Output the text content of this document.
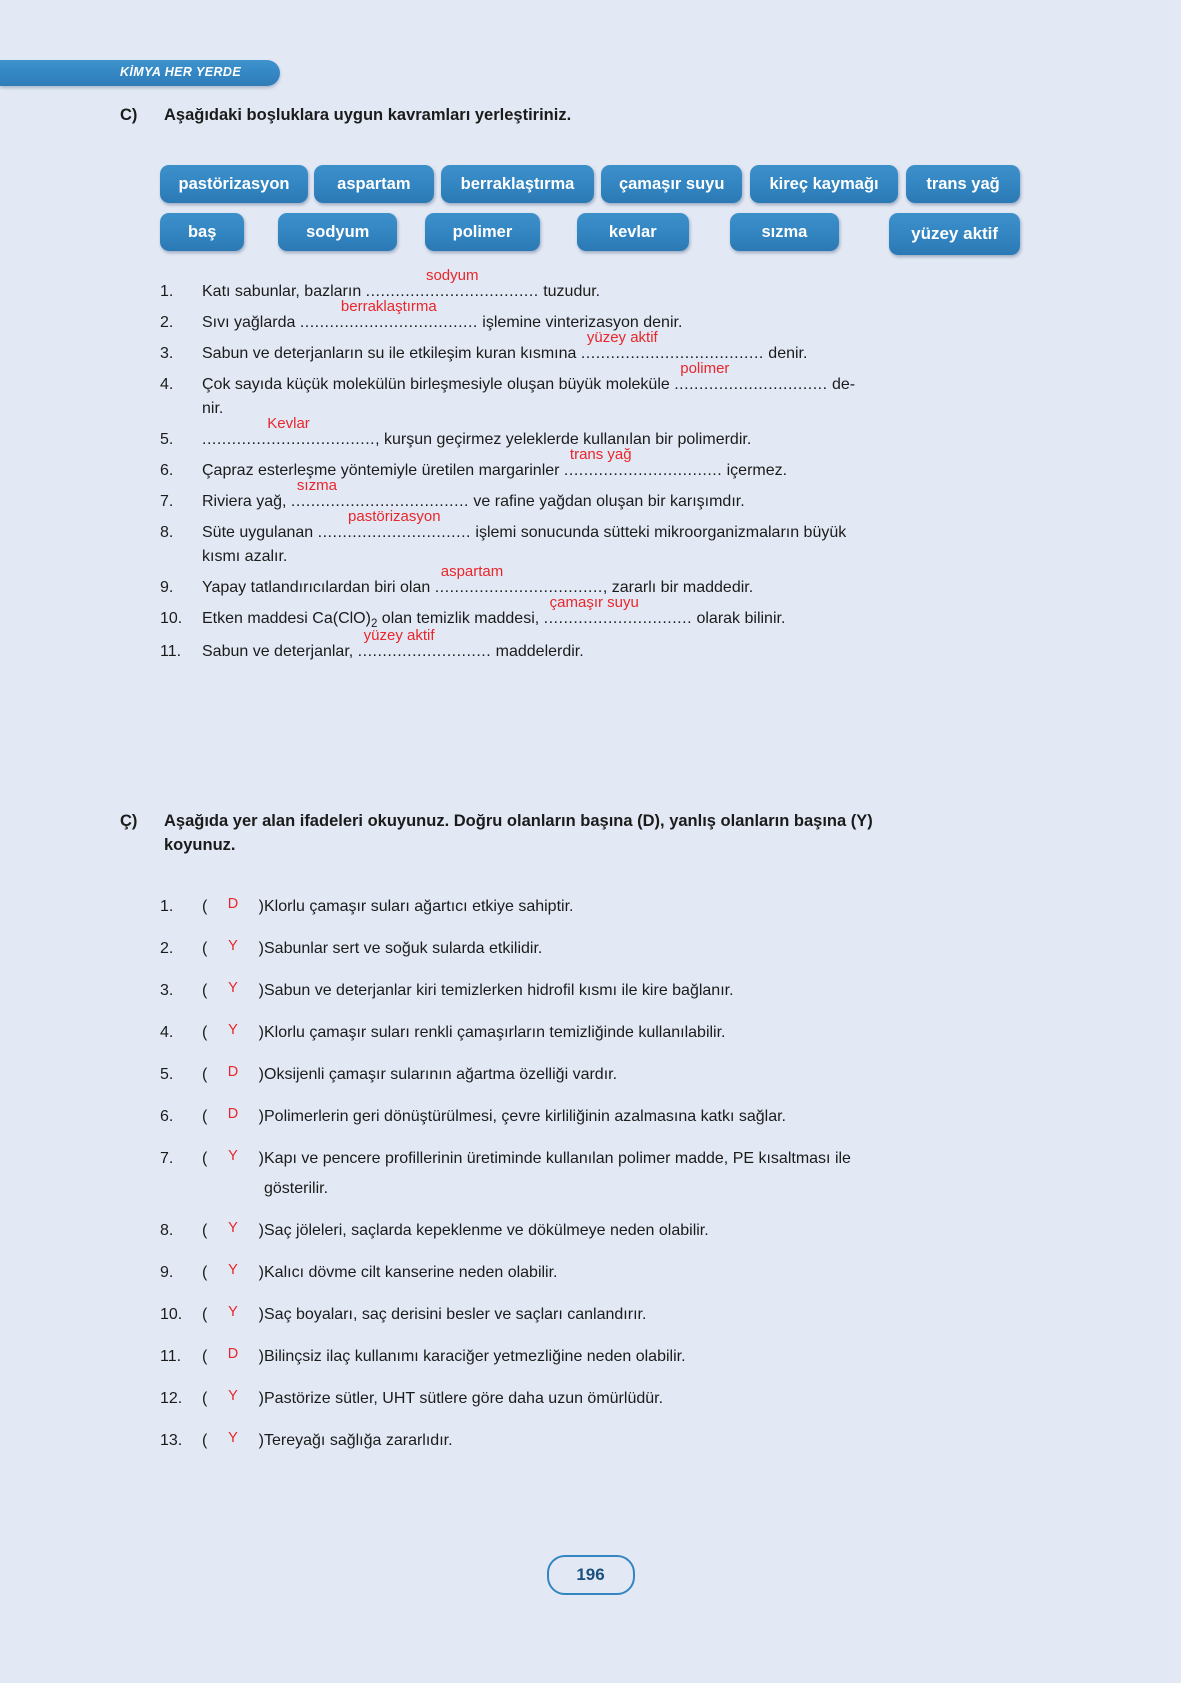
KİMYA HER YERDE
C)	Aşağıdaki boşluklara uygun kavramları yerleştiriniz.
pastörizasyon	aspartam	berraklaştırma	çamaşır suyu	kireç kaymağı	trans yağ
baş	sodyum	polimer	kevlar	sızma	yüzey aktif
1.	Katı sabunlar, bazların ...................................
sodyum
tuzudur.
2.	Sıvı yağlarda ....................................
berraklaştırma
işlemine vinterizasyon denir.
3.	Sabun ve deterjanların su ile etkileşim kuran kısmına .....................................
yüzey aktif
denir.
4.	Çok sayıda küçük molekülün birleşmesiyle oluşan büyük moleküle ...............................
polimer
de-
nir.
5.	...................................
Kevlar
, kurşun geçirmez yeleklerde kullanılan bir polimerdir.
6.	Çapraz esterleşme yöntemiyle üretilen margarinler ................................
trans yağ
içermez.
7.	Riviera yağ, ....................................
sızma
ve rafine yağdan oluşan bir karışımdır.
8.	Süte uygulanan ...............................
pastörizasyon
işlemi sonucunda sütteki mikroorganizmaların büyük
kısmı azalır.
9.	Yapay tatlandırıcılardan biri olan ..................................
aspartam
, zararlı bir maddedir.
10.	Etken maddesi $Ca(ClO)_2$ olan temizlik maddesi, ..............................
çamaşır suyu
olarak bilinir.
11.	Sabun ve deterjanlar, ...........................
yüzey aktif
maddelerdir.
Ç)	Aşağıda yer alan ifadeleri okuyunuz. Doğru olanların başına (D), yanlış olanların başına (Y)
koyunuz.
1.	(	D	) Klorlu çamaşır suları ağartıcı etkiye sahiptir.
2.	(	Y	) Sabunlar sert ve soğuk sularda etkilidir.
3.	(	Y	) Sabun ve deterjanlar kiri temizlerken hidrofil kısmı ile kire bağlanır.
4.	(	Y	) Klorlu çamaşır suları renkli çamaşırların temizliğinde kullanılabilir.
5.	(	D	) Oksijenli çamaşır sularının ağartma özelliği vardır.
6.	(	D	) Polimerlerin geri dönüştürülmesi, çevre kirliliğinin azalmasına katkı sağlar.
7.	(	Y	) Kapı ve pencere profillerinin üretiminde kullanılan polimer madde, PE kısaltması ile
gösterilir.
8.	(	Y	) Saç jöleleri, saçlarda kepeklenme ve dökülmeye neden olabilir.
9.	(	Y	) Kalıcı dövme cilt kanserine neden olabilir.
10.	(	Y	) Saç boyaları, saç derisini besler ve saçları canlandırır.
11.	(	D	) Bilinçsiz ilaç kullanımı karaciğer yetmezliğine neden olabilir.
12.	(	Y	) Pastörize sütler, UHT sütlere göre daha uzun ömürlüdür.
13.	(	Y	) Tereyağı sağlığa zararlıdır.
196
